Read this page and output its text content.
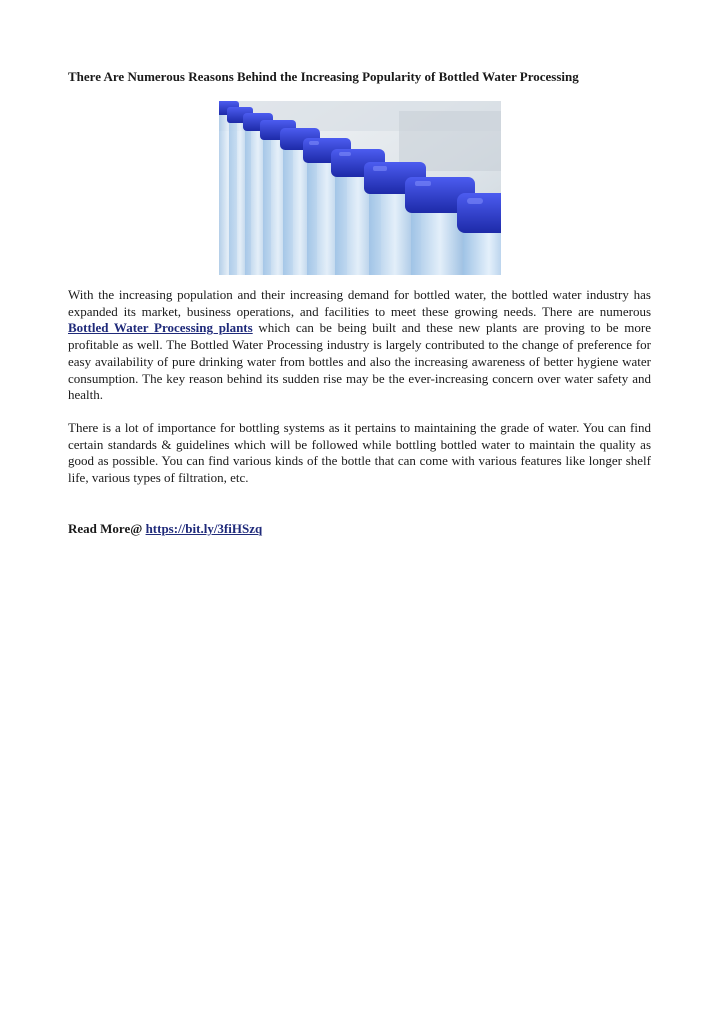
There Are Numerous Reasons Behind the Increasing Popularity of Bottled Water Processing

With the increasing population and their increasing demand for bottled water, the bottled water industry has expanded its market, business operations, and facilities to meet these growing needs. There are numerous Bottled Water Processing plants which can be being built and these new plants are proving to be more profitable as well. The Bottled Water Processing industry is largely contributed to the change of preference for easy availability of pure drinking water from bottles and also the increasing awareness of better hygiene water consumption. The key reason behind its sudden rise may be the ever-increasing concern over water safety and health.

There is a lot of importance for bottling systems as it pertains to maintaining the grade of water. You can find certain standards & guidelines which will be followed while bottling bottled water to maintain the quality as good as possible. You can find various kinds of the bottle that can come with various features like longer shelf life, various types of filtration, etc.

Read More@ https://bit.ly/3fiHSzq
